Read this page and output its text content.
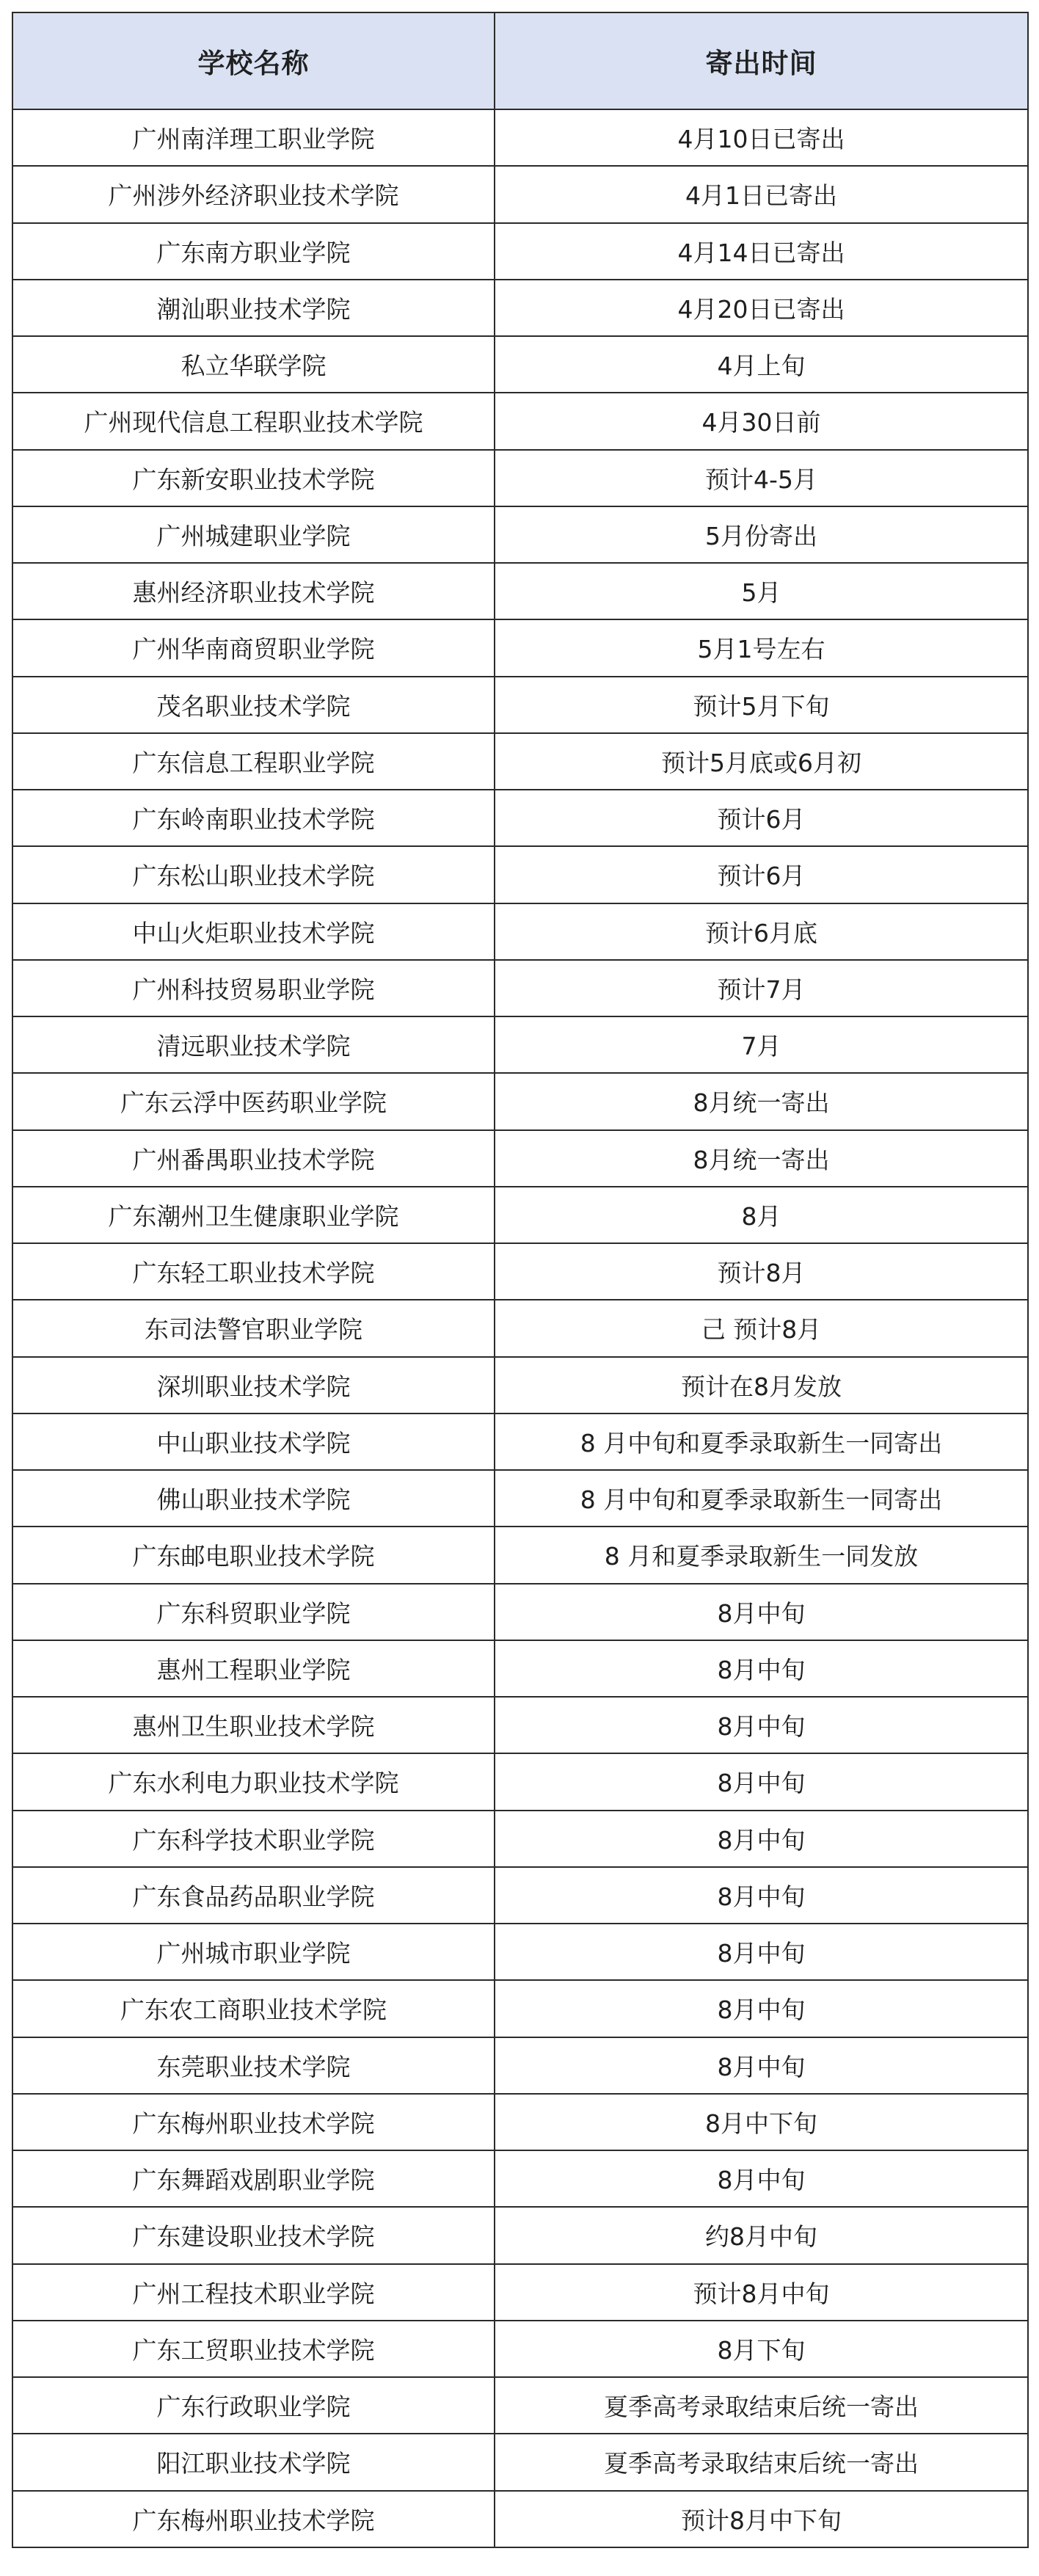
学校名称	寄出时间
广州南洋理工职业学院	4月10日已寄出
广州涉外经济职业技术学院	4月1日已寄出
广东南方职业学院	4月14日已寄出
潮汕职业技术学院	4月20日已寄出
私立华联学院	4月上旬
广州现代信息工程职业技术学院	4月30日前
广东新安职业技术学院	预计4-5月
广州城建职业学院	5月份寄出
惠州经济职业技术学院	5月
广州华南商贸职业学院	5月1号左右
茂名职业技术学院	预计5月下旬
广东信息工程职业学院	预计5月底或6月初
广东岭南职业技术学院	预计6月
广东松山职业技术学院	预计6月
中山火炬职业技术学院	预计6月底
广州科技贸易职业学院	预计7月
清远职业技术学院	7月
广东云浮中医药职业学院	8月统一寄出
广州番禺职业技术学院	8月统一寄出
广东潮州卫生健康职业学院	8月
广东轻工职业技术学院	预计8月
东司法警官职业学院	己 预计8月
深圳职业技术学院	预计在8月发放
中山职业技术学院	8 月中旬和夏季录取新生一同寄出
佛山职业技术学院	8 月中旬和夏季录取新生一同寄出
广东邮电职业技术学院	8 月和夏季录取新生一同发放
广东科贸职业学院	8月中旬
惠州工程职业学院	8月中旬
惠州卫生职业技术学院	8月中旬
广东水利电力职业技术学院	8月中旬
广东科学技术职业学院	8月中旬
广东食品药品职业学院	8月中旬
广州城市职业学院	8月中旬
广东农工商职业技术学院	8月中旬
东莞职业技术学院	8月中旬
广东梅州职业技术学院	8月中下旬
广东舞蹈戏剧职业学院	8月中旬
广东建设职业技术学院	约8月中旬
广州工程技术职业学院	预计8月中旬
广东工贸职业技术学院	8月下旬
广东行政职业学院	夏季高考录取结束后统一寄出
阳江职业技术学院	夏季高考录取结束后统一寄出
广东梅州职业技术学院	预计8月中下旬
